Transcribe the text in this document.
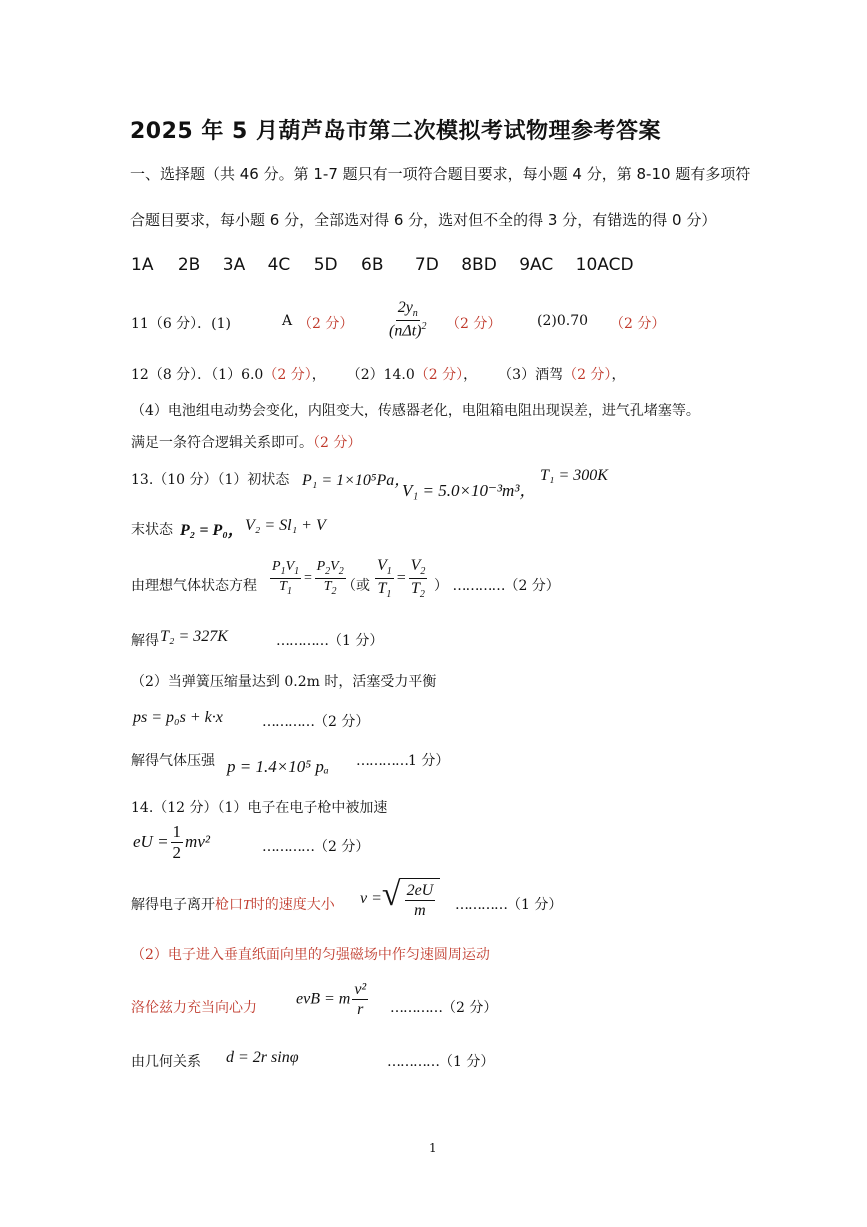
2025 年 5 月葫芦岛市第二次模拟考试物理参考答案
一、选择题（共 46 分。第 1-7 题只有一项符合题目要求，每小题 4 分，第 8-10 题有多项符
合题目要求，每小题 6 分，全部选对得 6 分，选对但不全的得 3 分，有错选的得 0 分）
1A 2B 3A 4C 5D 6B 7D 8BD 9AC 10ACD
11（6 分）．(1)	A （2 分） $\frac{2y_n}{(n\Delta t)^2} (2$ 分）	(2)0.70 （2 分）
12（8 分）．（1）6.0（2 分）， （2）14.0（2 分）， （3）酒驾（2 分），
（4）电池组电动势会变化，内阻变大，传感器老化，电阻箱电阻出现误差，进气孔堵塞等。
满足一条符合逻辑关系即可。（2 分）
13.（10 分）（1）初状态 P₁ = 1×10⁵Pa，
V₁ = 5.0×10⁻³m³，
T₁ = 300K
末状态 P₂ = P₀， V₂ = Sl₁ + V
由理想气体状态方程 $\frac{P_1V_1}{T_1} = \frac{P_2V_2}{T_2}$
（或 $\frac{V_1}{T_1} = \frac{V_2}{T_2}$ ） …………（2 分）
解得 T₂ = 327K	…………（1 分）
（2）当弹簧压缩量达到 0.2m 时，活塞受力平衡
ps = p₀s + k·x	…………（2 分）
解得气体压强 p = 1.4×10⁵ pₐ …………1 分）
14.（12 分）（1）电子在电子枪中被加速
eU = $\frac{1}{2} mv^2$	…………（2 分）
解得电子离开枪口T时的速度大小 v = √ $\frac{2eU}{m}$ …………（1 分）
（2）电子进入垂直纸面向里的匀强磁场中作匀速圆周运动
洛伦兹力充当向心力
evB = m $\frac{\text{v²}}{r}$ …………（2 分）
由几何关系 d = 2r sinφ	…………（1 分）
1
